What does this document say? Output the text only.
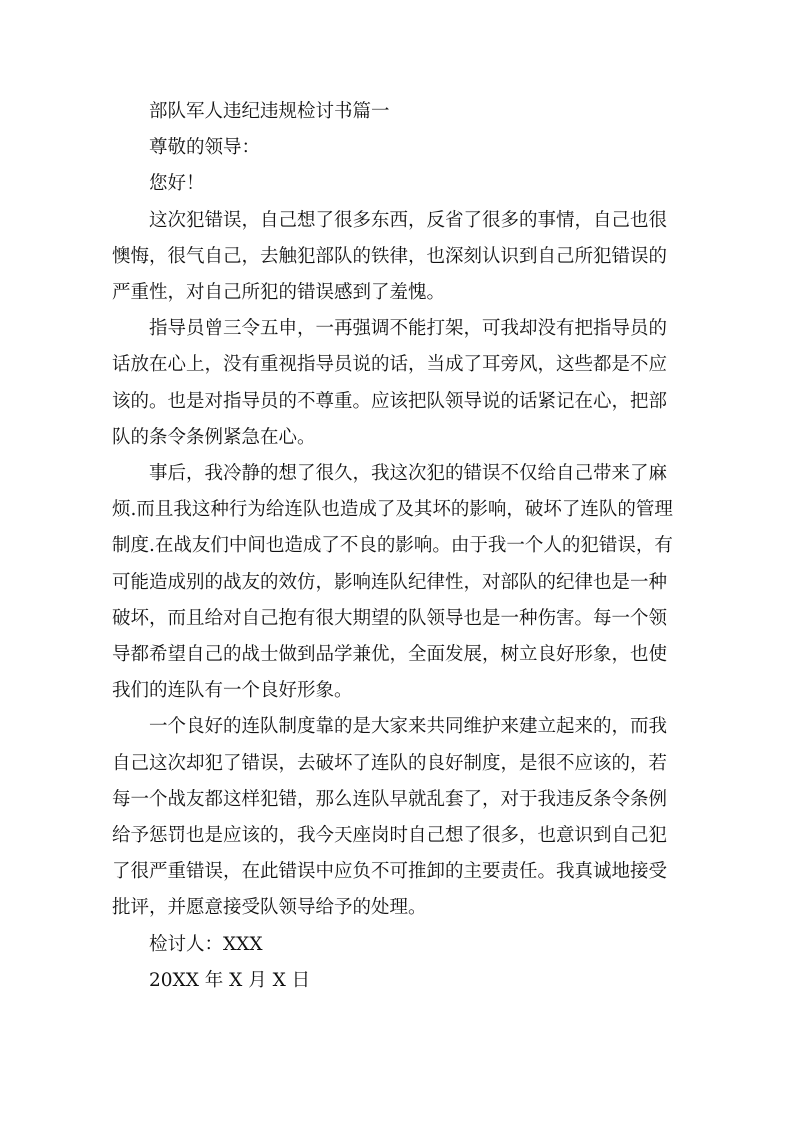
部队军人违纪违规检讨书篇一

尊敬的领导：

您好！

这次犯错误，自己想了很多东西，反省了很多的事情，自己也很
懊悔，很气自己，去触犯部队的铁律，也深刻认识到自己所犯错误的
严重性，对自己所犯的错误感到了羞愧。
指导员曾三令五申，一再强调不能打架，可我却没有把指导员的
话放在心上，没有重视指导员说的话，当成了耳旁风，这些都是不应
该的。也是对指导员的不尊重。应该把队领导说的话紧记在心，把部
队的条令条例紧急在心。
事后，我冷静的想了很久，我这次犯的错误不仅给自己带来了麻
烦.而且我这种行为给连队也造成了及其坏的影响，破坏了连队的管理
制度.在战友们中间也造成了不良的影响。由于我一个人的犯错误，有
可能造成别的战友的效仿，影响连队纪律性，对部队的纪律也是一种
破坏，而且给对自己抱有很大期望的队领导也是一种伤害。每一个领
导都希望自己的战士做到品学兼优，全面发展，树立良好形象，也使
我们的连队有一个良好形象。
一个良好的连队制度靠的是大家来共同维护来建立起来的，而我
自己这次却犯了错误，去破坏了连队的良好制度，是很不应该的，若
每一个战友都这样犯错，那么连队早就乱套了，对于我违反条令条例
给予惩罚也是应该的，我今天座岗时自己想了很多，也意识到自己犯
了很严重错误，在此错误中应负不可推卸的主要责任。我真诚地接受
批评，并愿意接受队领导给予的处理。

检讨人：XXX

20XX 年 X 月 X 日
